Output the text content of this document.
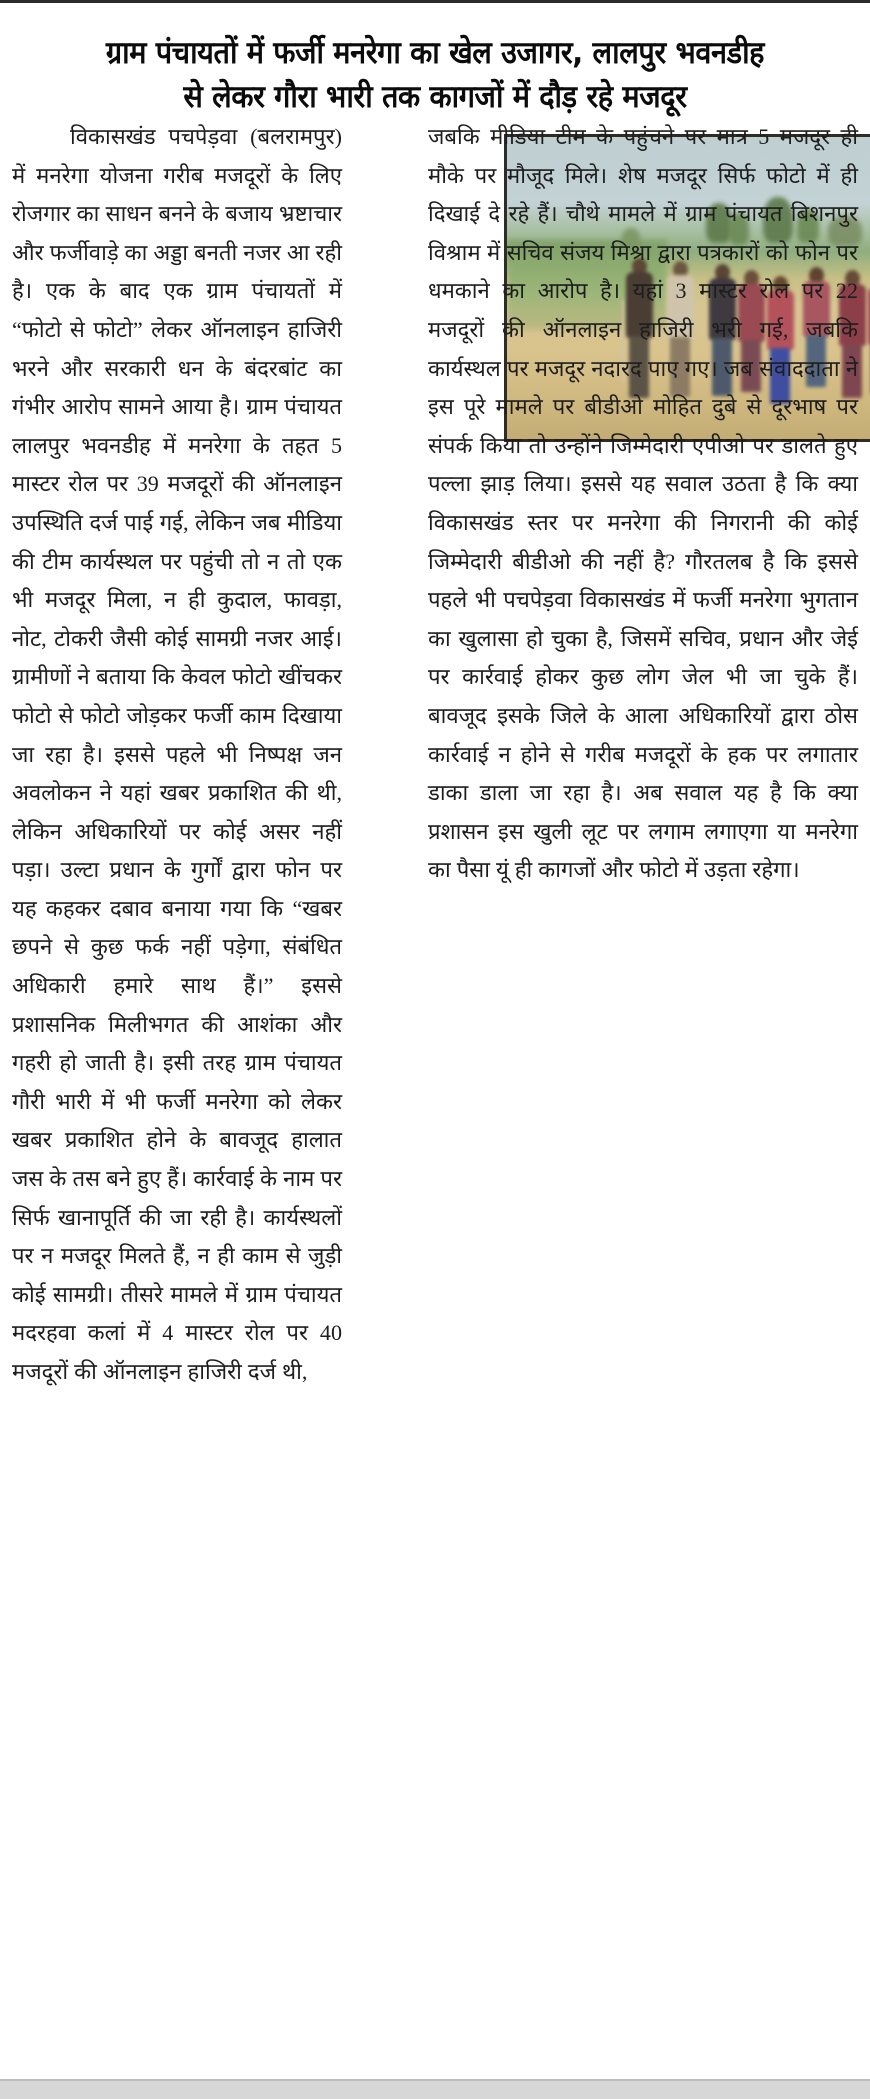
ग्राम पंचायतों में फर्जी मनरेगा का खेल उजागर, लालपुर भवनडीह
से लेकर गौरा भारी तक कागजों में दौड़ रहे मजदूर

विकासखंड पचपेड़वा (बलरामपुर) में मनरेगा योजना गरीब मजदूरों के लिए रोजगार का साधन बनने के बजाय भ्रष्टाचार और फर्जीवाड़े का अड्डा बनती नजर आ रही है। एक के बाद एक ग्राम पंचायतों में “फोटो से फोटो” लेकर ऑनलाइन हाजिरी भरने और सरकारी धन के बंदरबांट का गंभीर आरोप सामने आया है। ग्राम पंचायत लालपुर भवनडीह में मनरेगा के तहत 5 मास्टर रोल पर 39 मजदूरों की ऑनलाइन उपस्थिति दर्ज पाई गई, लेकिन जब मीडिया की टीम कार्यस्थल पर पहुंची तो न तो एक भी मजदूर मिला, न ही कुदाल, फावड़ा, नोट, टोकरी जैसी कोई सामग्री नजर आई। ग्रामीणों ने बताया कि केवल फोटो खींचकर फोटो से फोटो जोड़कर फर्जी काम दिखाया जा रहा है। इससे पहले भी निष्पक्ष जन अवलोकन ने यहां खबर प्रकाशित की थी, लेकिन अधिकारियों पर कोई असर नहीं पड़ा। उल्टा प्रधान के गुर्गों द्वारा फोन पर यह कहकर दबाव बनाया गया कि “खबर छपने से कुछ फर्क नहीं पड़ेगा, संबंधित अधिकारी हमारे साथ हैं।” इससे प्रशासनिक मिलीभगत की आशंका और गहरी हो जाती है। इसी तरह ग्राम पंचायत गौरी भारी में भी फर्जी मनरेगा को लेकर खबर प्रकाशित होने के बावजूद हालात जस के तस बने हुए हैं। कार्रवाई के नाम पर सिर्फ खानापूर्ति की जा रही है। कार्यस्थलों पर न मजदूर मिलते हैं, न ही काम से जुड़ी कोई सामग्री। तीसरे मामले में ग्राम पंचायत मदरहवा कलां में 4 मास्टर रोल पर 40 मजदूरों की ऑनलाइन हाजिरी दर्ज थी,

जबकि मीडिया टीम के पहुंचने पर मात्र 5 मजदूर ही मौके पर मौजूद मिले। शेष मजदूर सिर्फ फोटो में ही दिखाई दे रहे हैं। चौथे मामले में ग्राम पंचायत बिशनपुर विश्राम में सचिव संजय मिश्रा द्वारा पत्रकारों को फोन पर धमकाने का आरोप है। यहां 3 मास्टर रोल पर 22 मजदूरों की ऑनलाइन हाजिरी भरी गई, जबकि कार्यस्थल पर मजदूर नदारद पाए गए। जब संवाददाता ने इस पूरे मामले पर बीडीओ मोहित दुबे से दूरभाष पर संपर्क किया तो उन्होंने जिम्मेदारी एपीओ पर डालते हुए पल्ला झाड़ लिया। इससे यह सवाल उठता है कि क्या विकासखंड स्तर पर मनरेगा की निगरानी की कोई जिम्मेदारी बीडीओ की नहीं है? गौरतलब है कि इससे पहले भी पचपेड़वा विकासखंड में फर्जी मनरेगा भुगतान का खुलासा हो चुका है, जिसमें सचिव, प्रधान और जेई पर कार्रवाई होकर कुछ लोग जेल भी जा चुके हैं। बावजूद इसके जिले के आला अधिकारियों द्वारा ठोस कार्रवाई न होने से गरीब मजदूरों के हक पर लगातार डाका डाला जा रहा है। अब सवाल यह है कि क्या प्रशासन इस खुली लूट पर लगाम लगाएगा या मनरेगा का पैसा यूं ही कागजों और फोटो में उड़ता रहेगा।
